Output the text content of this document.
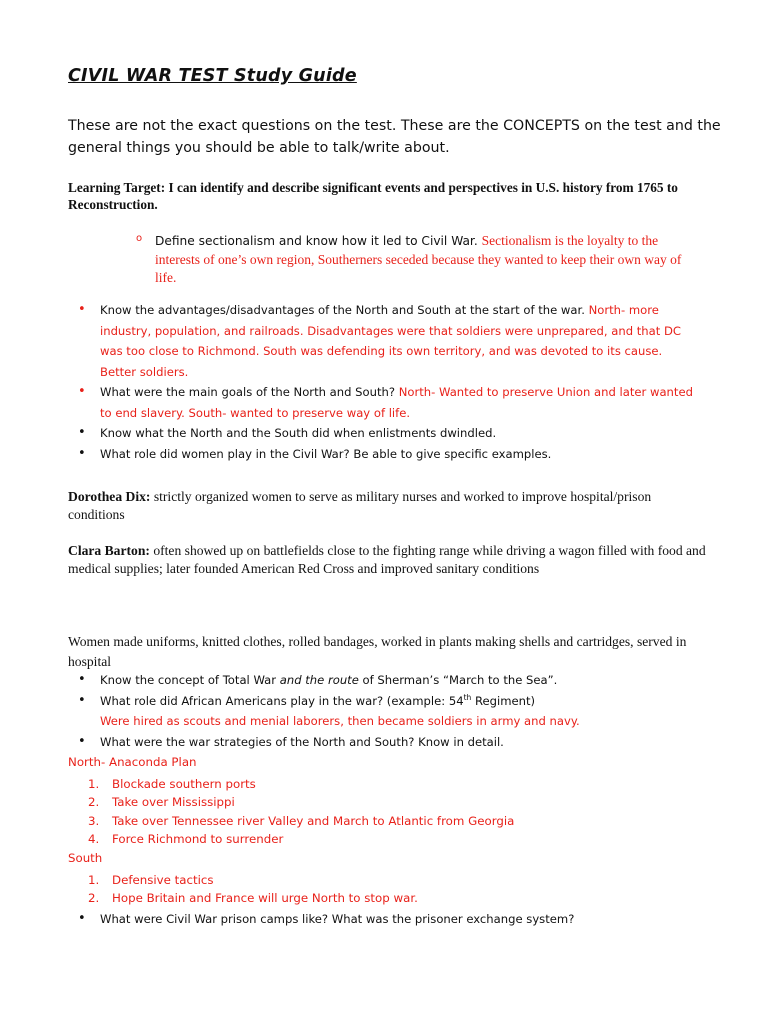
CIVIL WAR TEST Study Guide
These are not the exact questions on the test. These are the CONCEPTS on the test and the general things you should be able to talk/write about.
Learning Target: I can identify and describe significant events and perspectives in U.S. history from 1765 to Reconstruction.
o Define sectionalism and know how it led to Civil War. Sectionalism is the loyalty to the interests of one’s own region, Southerners seceded because they wanted to keep their own way of life.
• Know the advantages/disadvantages of the North and South at the start of the war. North- more industry, population, and railroads. Disadvantages were that soldiers were unprepared, and that DC was too close to Richmond. South was defending its own territory, and was devoted to its cause. Better soldiers.
• What were the main goals of the North and South? North- Wanted to preserve Union and later wanted to end slavery. South- wanted to preserve way of life.
• Know what the North and the South did when enlistments dwindled.
• What role did women play in the Civil War? Be able to give specific examples.
Dorothea Dix: strictly organized women to serve as military nurses and worked to improve hospital/prison conditions
Clara Barton: often showed up on battlefields close to the fighting range while driving a wagon filled with food and medical supplies; later founded American Red Cross and improved sanitary conditions
Women made uniforms, knitted clothes, rolled bandages, worked in plants making shells and cartridges, served in hospital
• Know the concept of Total War and the route of Sherman’s “March to the Sea”.
• What role did African Americans play in the war? (example: 54th Regiment)
Were hired as scouts and menial laborers, then became soldiers in army and navy.
• What were the war strategies of the North and South? Know in detail.
North- Anaconda Plan
1. Blockade southern ports
2. Take over Mississippi
3. Take over Tennessee river Valley and March to Atlantic from Georgia
4. Force Richmond to surrender
South
1. Defensive tactics
2. Hope Britain and France will urge North to stop war.
• What were Civil War prison camps like? What was the prisoner exchange system?
